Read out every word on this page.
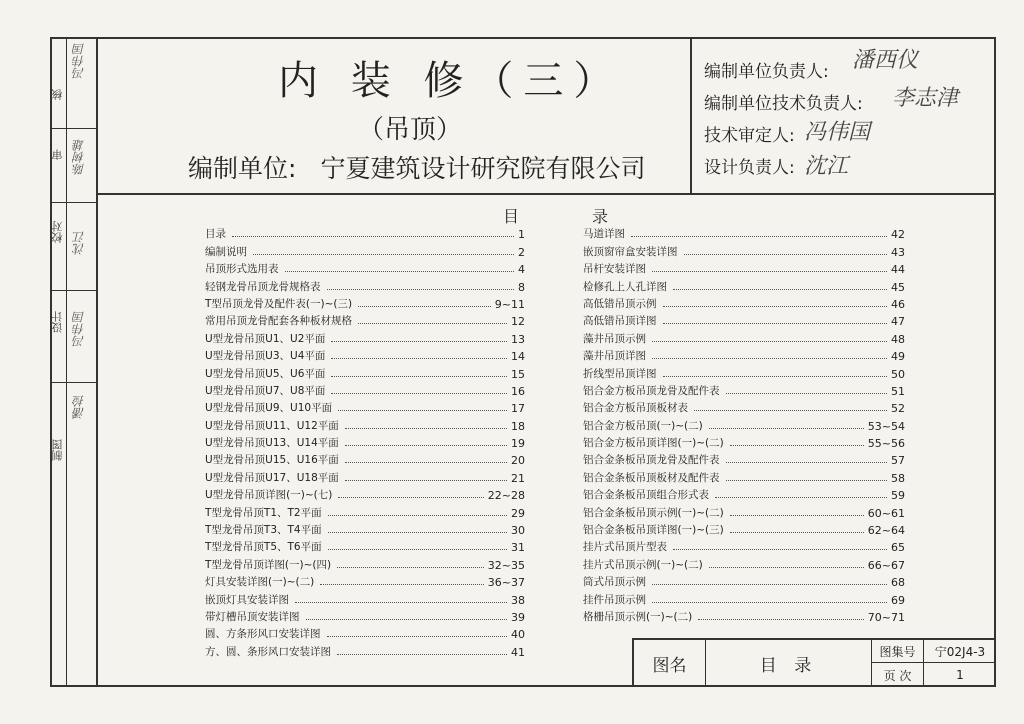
核
冯伟国
审 陈树雄
校对 沈江
设计 冯伟国
制图
潘捡
内 装 修（三）
（吊顶）
编制单位: 宁夏建筑设计研究院有限公司
编制单位负责人: 潘西仪
编制单位技术负责人: 李志津
技术审定人: 冯伟国
设计负责人: 沈江
目	录
目录	1
编制说明	2
吊顶形式选用表	4
轻钢龙骨吊顶龙骨规格表	8
T型吊顶龙骨及配件表(一)~(三)	9~11
常用吊顶龙骨配套各种板材规格	12
U型龙骨吊顶U1、U2平面	13
U型龙骨吊顶U3、U4平面	14
U型龙骨吊顶U5、U6平面	15
U型龙骨吊顶U7、U8平面	16
U型龙骨吊顶U9、U10平面	17
U型龙骨吊顶U11、U12平面	18
U型龙骨吊顶U13、U14平面	19
U型龙骨吊顶U15、U16平面	20
U型龙骨吊顶U17、U18平面	21
U型龙骨吊顶详图(一)~(七)	22~28
T型龙骨吊顶T1、T2平面	29
T型龙骨吊顶T3、T4平面	30
T型龙骨吊顶T5、T6平面	31
T型龙骨吊顶详图(一)~(四)	32~35
灯具安装详图(一)~(二)	36~37
嵌顶灯具安装详图	38
带灯槽吊顶安装详图	39
圆、方条形风口安装详图	40
方、圆、条形风口安装详图	41
马道详图	42
嵌顶窗帘盒安装详图	43
吊杆安装详图	44
检修孔上人孔详图	45
高低错吊顶示例	46
高低错吊顶详图	47
藻井吊顶示例	48
藻井吊顶详图	49
折线型吊顶详图	50
铝合金方板吊顶龙骨及配件表	51
铝合金方板吊顶板材表	52
铝合金方板吊顶(一)~(二)	53~54
铝合金方板吊顶详图(一)~(二)	55~56
铝合金条板吊顶龙骨及配件表	57
铝合金条板吊顶板材及配件表	58
铝合金条板吊顶组合形式表	59
铝合金条板吊顶示例(一)~(二)	60~61
铝合金条板吊顶详图(一)~(三)	62~64
挂片式吊顶片型表	65
挂片式吊顶示例(一)~(二)	66~67
筒式吊顶示例	68
挂件吊顶示例	69
格栅吊顶示例(一)~(二)	70~71
图名	目 录
图集号	宁02J4-3
页 次	1
